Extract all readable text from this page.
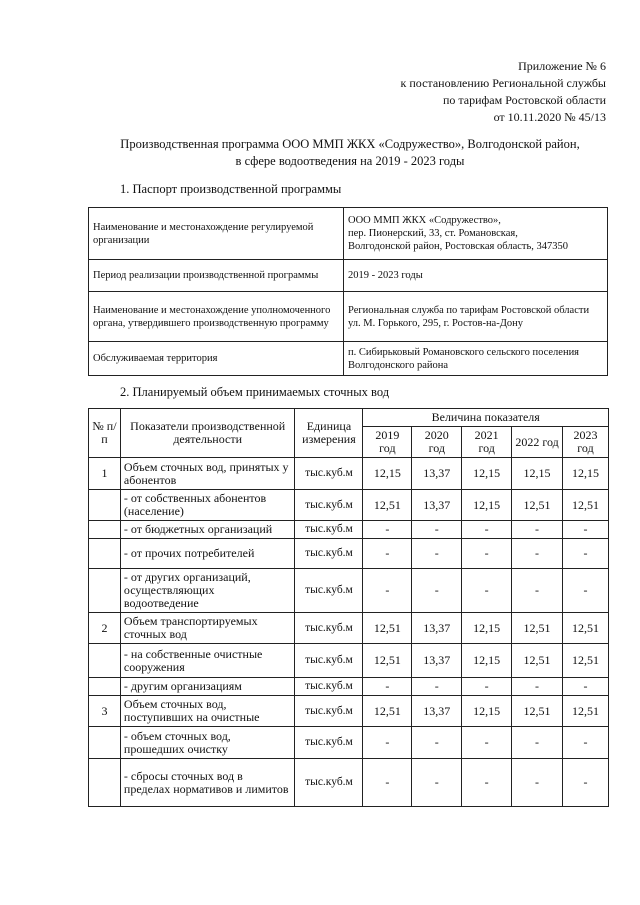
Приложение № 6
к постановлению Региональной службы
по тарифам Ростовской области
от 10.11.2020 № 45/13
Производственная программа ООО ММП ЖКХ «Содружество», Волгодонской район,
в сфере водоотведения на 2019 - 2023 годы
1. Паспорт производственной программы
Наименование и местонахождение регулируемой организации	ООО ММП ЖКХ «Содружество»,
пер. Пионерский, 33, ст. Романовская,
Волгодонской район, Ростовская область, 347350

Период реализации производственной программы	2019 - 2023 годы

Наименование и местонахождение уполномоченного органа, утвердившего производственную программу	Региональная служба по тарифам Ростовской области
ул. М. Горького, 295, г. Ростов-на-Дону

Обслуживаемая территория	п. Сибирьковый Романовского сельского поселения Волгодонского района
2. Планируемый объем принимаемых сточных вод
№ п/п	Показатели производственной деятельности	Единица измерения	Величина показателя				
			2019 год	2020 год	2021 год	2022 год	2023 год
1	Объем сточных вод, принятых у абонентов	тыс.куб.м	12,15	13,37	12,15	12,15	12,15
	- от собственных абонентов (население)	тыс.куб.м	12,51	13,37	12,15	12,51	12,51
	- от бюджетных организаций	тыс.куб.м	-	-	-	-	-
	- от прочих потребителей	тыс.куб.м	-	-	-	-	-
	- от других организаций, осуществляющих водоотведение	тыс.куб.м	-	-	-	-	-
2	Объем транспортируемых сточных вод	тыс.куб.м	12,51	13,37	12,15	12,51	12,51
	- на собственные очистные сооружения	тыс.куб.м	12,51	13,37	12,15	12,51	12,51
	- другим организациям	тыс.куб.м	-	-	-	-	-
3	Объем сточных вод, поступивших на очистные	тыс.куб.м	12,51	13,37	12,15	12,51	12,51
	- объем сточных вод, прошедших очистку	тыс.куб.м	-	-	-	-	-
	- сбросы сточных вод в пределах нормативов и лимитов	тыс.куб.м	-	-	-	-	-
